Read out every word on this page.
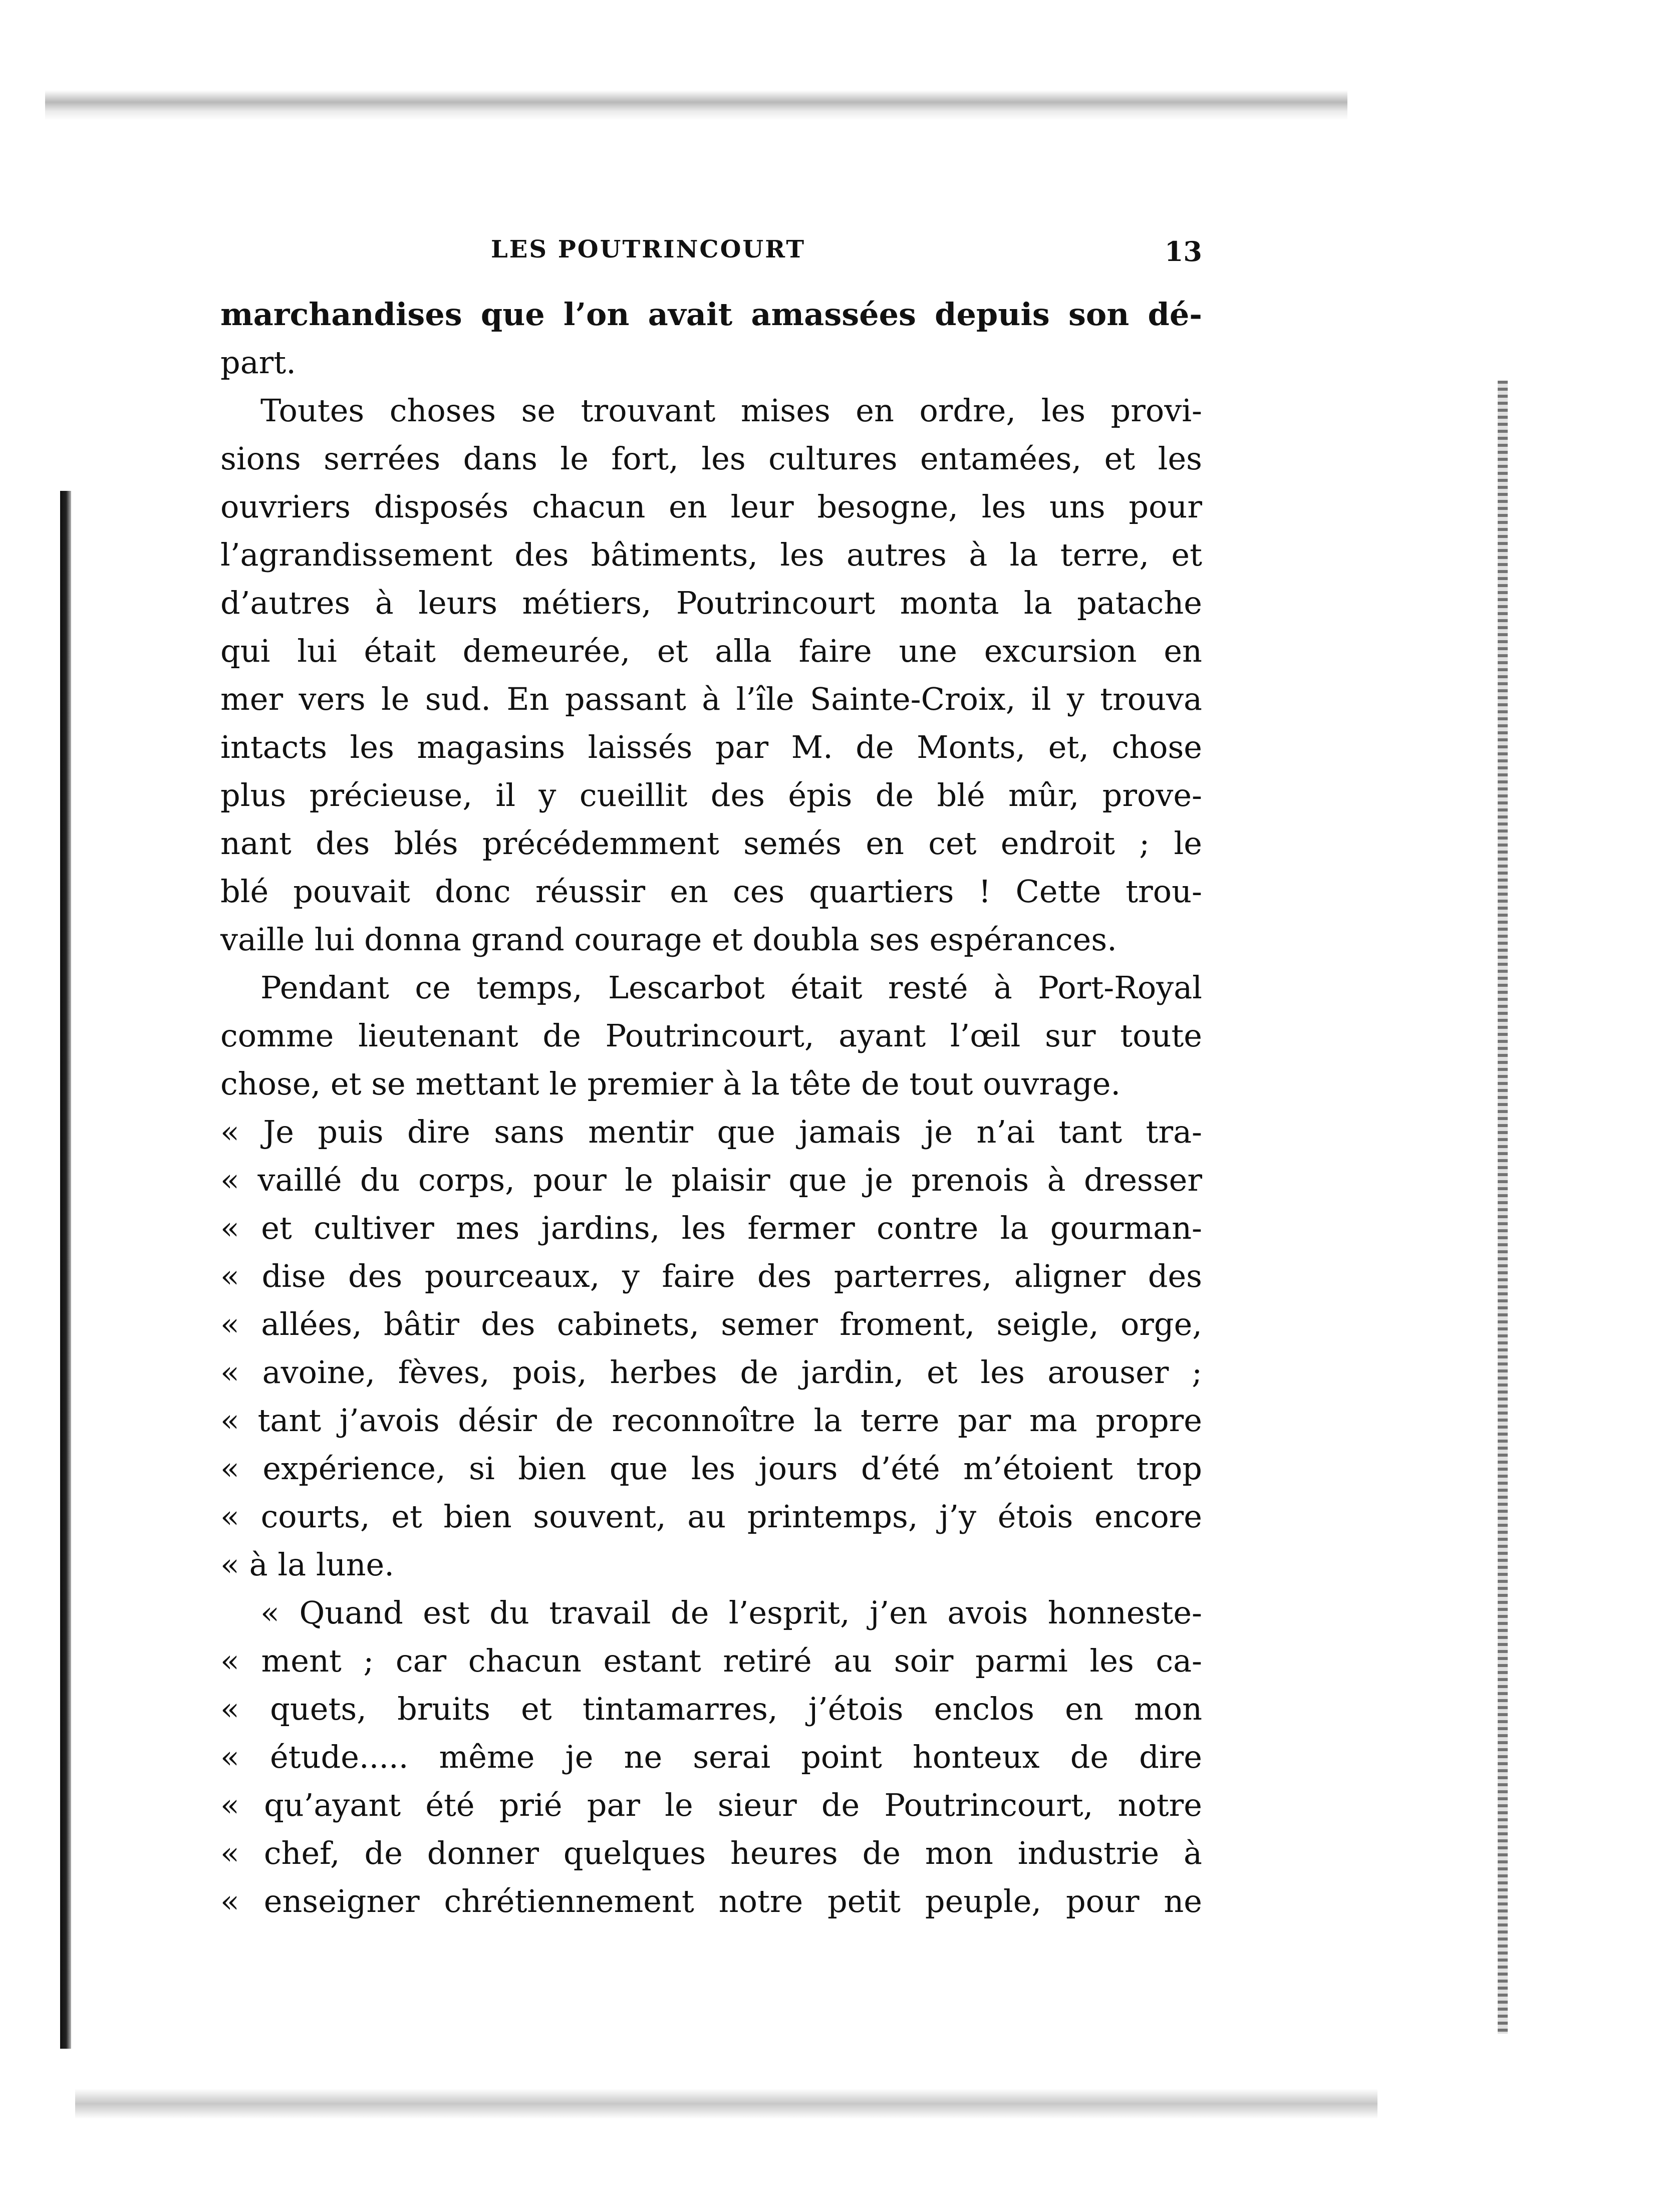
LES POUTRINCOURT	13
marchandises que l’on avait amassées depuis son dé-
part.
Toutes choses se trouvant mises en ordre, les provi-
sions serrées dans le fort, les cultures entamées, et les
ouvriers disposés chacun en leur besogne, les uns pour
l’agrandissement des bâtiments, les autres à la terre, et
d’autres à leurs métiers, Poutrincourt monta la patache
qui lui était demeurée, et alla faire une excursion en
mer vers le sud. En passant à l’île Sainte-Croix, il y trouva
intacts les magasins laissés par M. de Monts, et, chose
plus précieuse, il y cueillit des épis de blé mûr, prove-
nant des blés précédemment semés en cet endroit ; le
blé pouvait donc réussir en ces quartiers ! Cette trou-
vaille lui donna grand courage et doubla ses espérances.
Pendant ce temps, Lescarbot était resté à Port-Royal
comme lieutenant de Poutrincourt, ayant l’œil sur toute
chose, et se mettant le premier à la tête de tout ouvrage.
« Je puis dire sans mentir que jamais je n’ai tant tra-
« vaillé du corps, pour le plaisir que je prenois à dresser
« et cultiver mes jardins, les fermer contre la gourman-
« dise des pourceaux, y faire des parterres, aligner des
« allées, bâtir des cabinets, semer froment, seigle, orge,
« avoine, fèves, pois, herbes de jardin, et les arouser ;
« tant j’avois désir de reconnoître la terre par ma propre
« expérience, si bien que les jours d’été m’étoient trop
« courts, et bien souvent, au printemps, j’y étois encore
« à la lune.
« Quand est du travail de l’esprit, j’en avois honneste-
« ment ; car chacun estant retiré au soir parmi les ca-
« quets, bruits et tintamarres, j’étois enclos en mon
« étude..... même je ne serai point honteux de dire
« qu’ayant été prié par le sieur de Poutrincourt, notre
« chef, de donner quelques heures de mon industrie à
« enseigner chrétiennement notre petit peuple, pour ne
